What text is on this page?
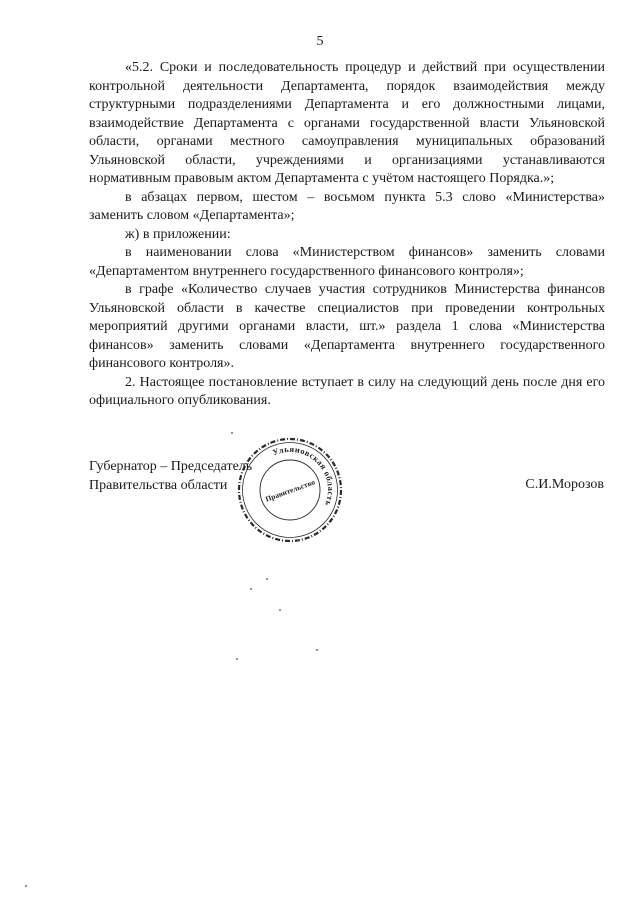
5

«5.2. Сроки и последовательность процедур и действий при осуществлении контрольной деятельности Департамента, порядок взаимодействия между структурными подразделениями Департамента и его должностными лицами, взаимодействие Департамента с органами государственной власти Ульяновской области, органами местного самоуправления муниципальных образований Ульяновской области, учреждениями и организациями устанавливаются нормативным правовым актом Департамента с учётом настоящего Порядка.»;

в абзацах первом, шестом – восьмом пункта 5.3 слово «Министерства» заменить словом «Департамента»;

ж) в приложении:

в наименовании слова «Министерством финансов» заменить словами «Департаментом внутреннего государственного финансового контроля»;

в графе «Количество случаев участия сотрудников Министерства финансов Ульяновской области в качестве специалистов при проведении контрольных мероприятий другими органами власти, шт.» раздела 1 слова «Министерства финансов» заменить словами «Департамента внутреннего государственного финансового контроля».

2. Настоящее постановление вступает в силу на следующий день после дня его официального опубликования.

Губернатор – Председатель
Правительства области	С.И.Морозов
Ульяновская область
Правительство
